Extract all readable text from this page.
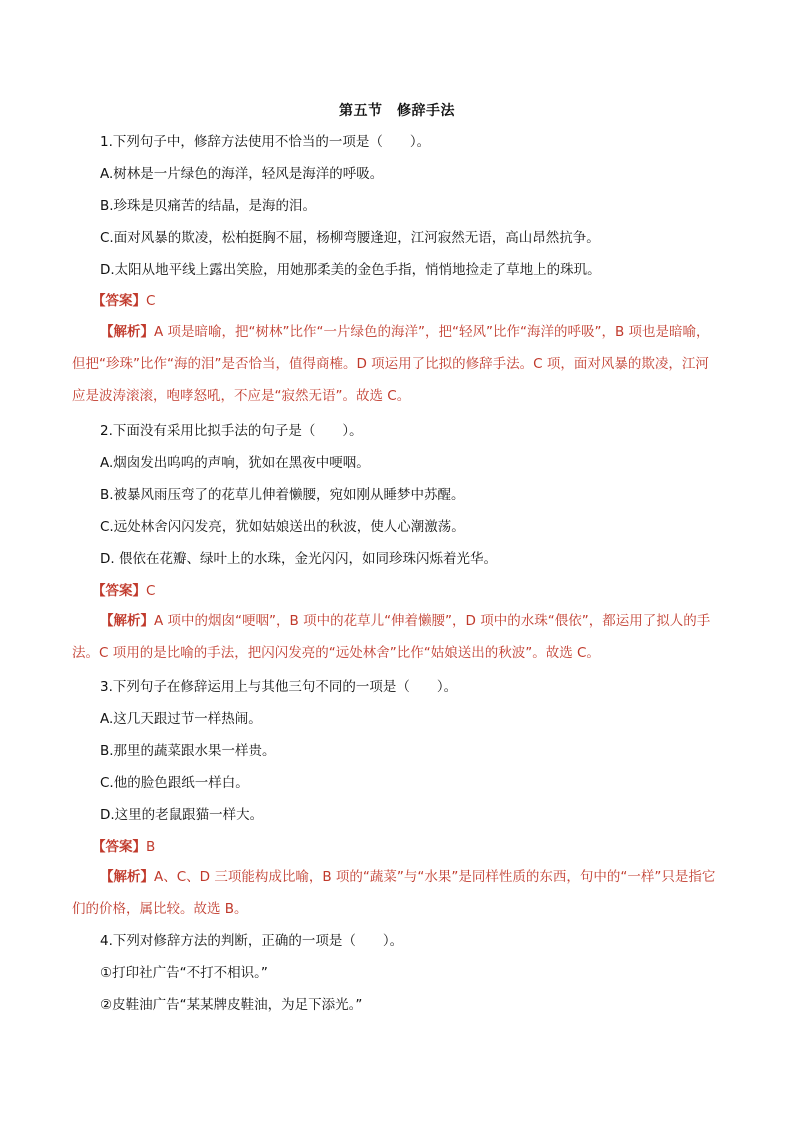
第五节　修辞手法
1.下列句子中，修辞方法使用不恰当的一项是（　　）。
A.树林是一片绿色的海洋，轻风是海洋的呼吸。
B.珍珠是贝痛苦的结晶，是海的泪。
C.面对风暴的欺凌，松柏挺胸不屈，杨柳弯腰逢迎，江河寂然无语，高山昂然抗争。
D.太阳从地平线上露出笑脸，用她那柔美的金色手指，悄悄地捡走了草地上的珠玑。
【答案】C
【解析】A 项是暗喻，把“树林”比作“一片绿色的海洋”，把“轻风”比作“海洋的呼吸”，B 项也是暗喻，但把“珍珠”比作“海的泪”是否恰当，值得商榷。D 项运用了比拟的修辞手法。C 项，面对风暴的欺凌，江河应是波涛滚滚，咆哮怒吼，不应是“寂然无语”。故选 C。
2.下面没有采用比拟手法的句子是（　　）。
A.烟囱发出呜呜的声响，犹如在黑夜中哽咽。
B.被暴风雨压弯了的花草儿伸着懒腰，宛如刚从睡梦中苏醒。
C.远处林舍闪闪发亮，犹如姑娘送出的秋波，使人心潮激荡。
D. 偎依在花瓣、绿叶上的水珠，金光闪闪，如同珍珠闪烁着光华。
【答案】C
【解析】A 项中的烟囱“哽咽”，B 项中的花草儿“伸着懒腰”，D 项中的水珠“偎依”，都运用了拟人的手法。C 项用的是比喻的手法，把闪闪发亮的“远处林舍”比作“姑娘送出的秋波”。故选 C。
3.下列句子在修辞运用上与其他三句不同的一项是（　　）。
A.这几天跟过节一样热闹。
B.那里的蔬菜跟水果一样贵。
C.他的脸色跟纸一样白。
D.这里的老鼠跟猫一样大。
【答案】B
【解析】A、C、D 三项能构成比喻，B 项的“蔬菜”与“水果”是同样性质的东西，句中的“一样”只是指它们的价格，属比较。故选 B。
4.下列对修辞方法的判断，正确的一项是（　　）。
①打印社广告“不打不相识。”
②皮鞋油广告“某某牌皮鞋油，为足下添光。”
